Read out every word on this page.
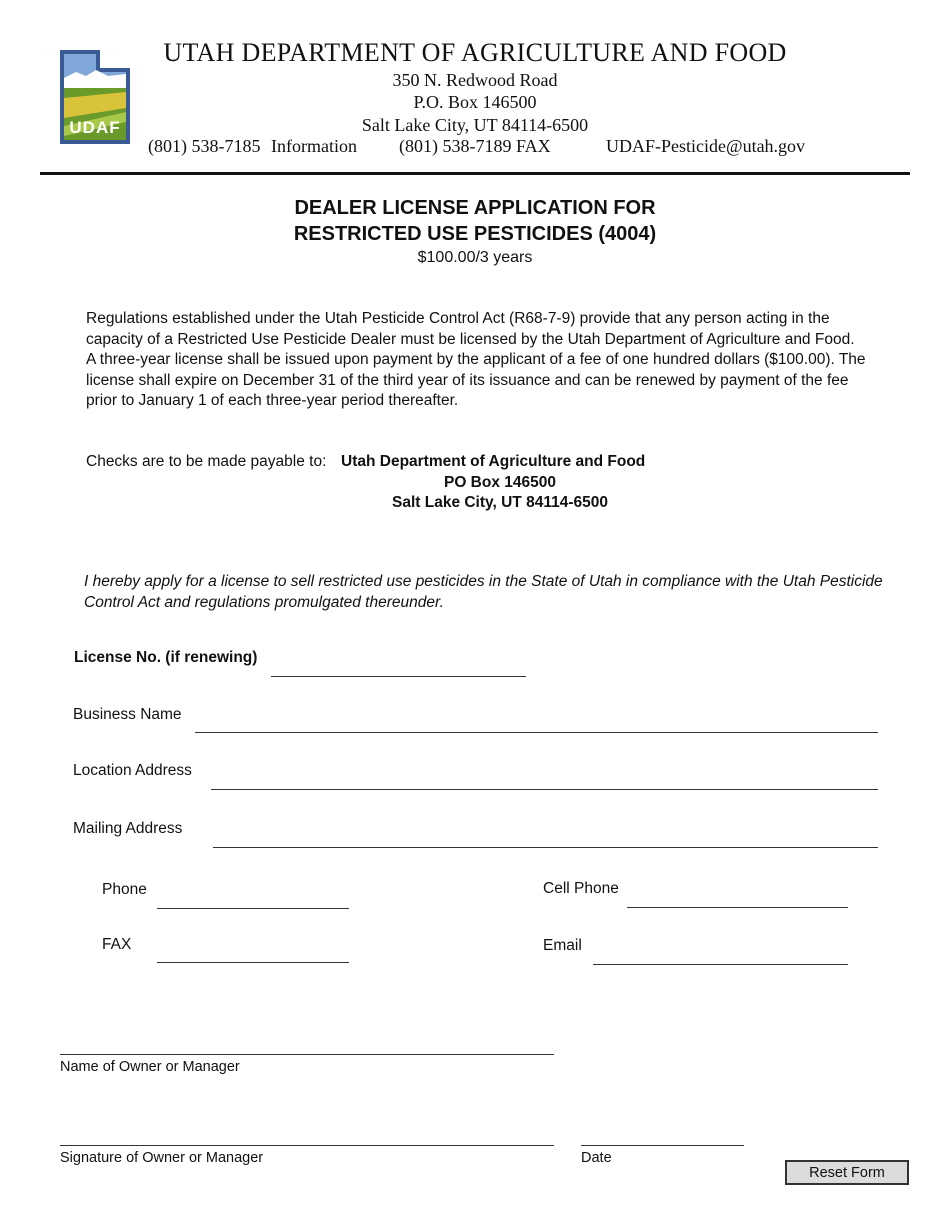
UDAF
UTAH DEPARTMENT OF AGRICULTURE AND FOOD
350 N. Redwood Road
P.O. Box 146500
Salt Lake City, UT 84114-6500
(801) 538-7185 Information (801) 538-7189 FAX	UDAF-Pesticide@utah.gov
DEALER LICENSE APPLICATION FOR
RESTRICTED USE PESTICIDES (4004)
$100.00/3 years
Regulations established under the Utah Pesticide Control Act (R68-7-9) provide that any person acting in the capacity of a Restricted Use Pesticide Dealer must be licensed by the Utah Department of Agriculture and Food. A three-year license shall be issued upon payment by the applicant of a fee of one hundred dollars ($100.00). The license shall expire on December 31 of the third year of its issuance and can be renewed by payment of the fee prior to January 1 of each three-year period thereafter.
Checks are to be made payable to: Utah Department of Agriculture and Food
PO Box 146500
Salt Lake City, UT 84114-6500
I hereby apply for a license to sell restricted use pesticides in the State of Utah in compliance with the Utah Pesticide Control Act and regulations promulgated thereunder.
License No. (if renewing)
Business Name
Location Address
Mailing Address
Phone	Cell Phone
FAX	Email
Name of Owner or Manager
Signature of Owner or Manager	Date
Reset Form
